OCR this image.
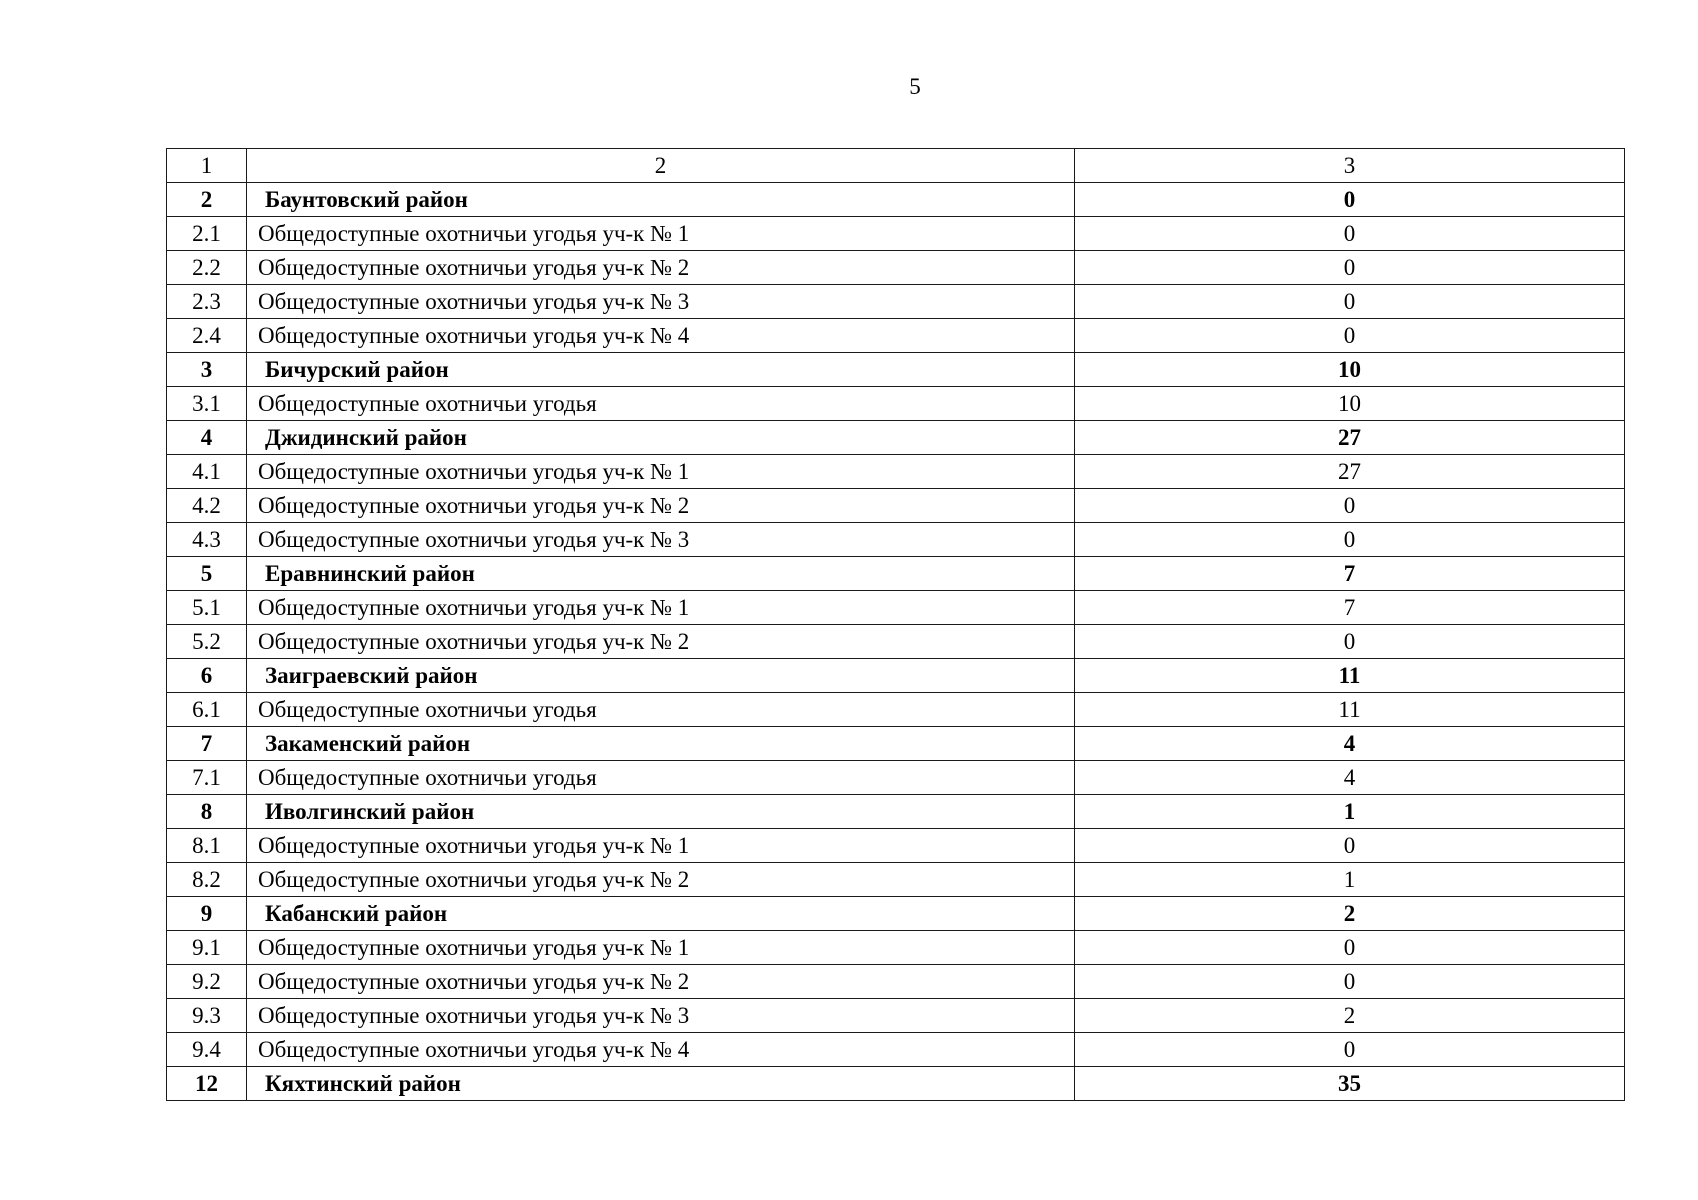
5
1	2	3
2	Баунтовский район	0
2.1	Общедоступные охотничьи угодья уч-к № 1	0
2.2	Общедоступные охотничьи угодья уч-к № 2	0
2.3	Общедоступные охотничьи угодья уч-к № 3	0
2.4	Общедоступные охотничьи угодья уч-к № 4	0
3	Бичурский район	10
3.1	Общедоступные охотничьи угодья	10
4	Джидинский район	27
4.1	Общедоступные охотничьи угодья уч-к № 1	27
4.2	Общедоступные охотничьи угодья уч-к № 2	0
4.3	Общедоступные охотничьи угодья уч-к № 3	0
5	Еравнинский район	7
5.1	Общедоступные охотничьи угодья уч-к № 1	7
5.2	Общедоступные охотничьи угодья уч-к № 2	0
6	Заиграевский район	11
6.1	Общедоступные охотничьи угодья	11
7	Закаменский район	4
7.1	Общедоступные охотничьи угодья	4
8	Иволгинский район	1
8.1	Общедоступные охотничьи угодья уч-к № 1	0
8.2	Общедоступные охотничьи угодья уч-к № 2	1
9	Кабанский район	2
9.1	Общедоступные охотничьи угодья уч-к № 1	0
9.2	Общедоступные охотничьи угодья уч-к № 2	0
9.3	Общедоступные охотничьи угодья уч-к № 3	2
9.4	Общедоступные охотничьи угодья уч-к № 4	0
12	Кяхтинский район	35
